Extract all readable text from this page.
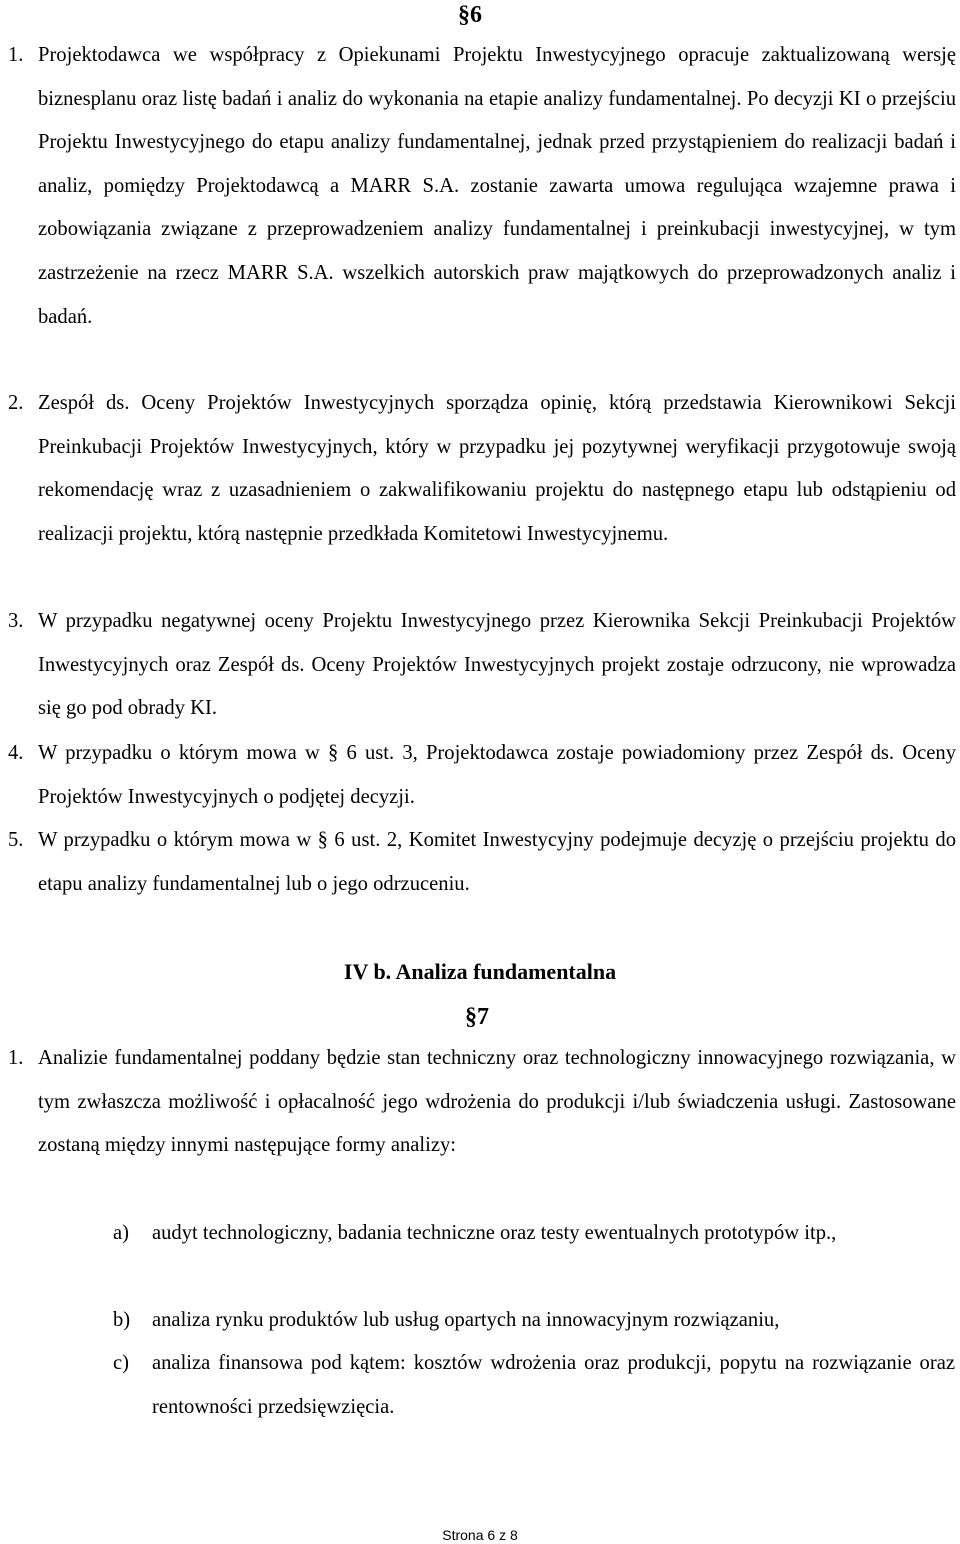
§6
1. Projektodawca we współpracy z Opiekunami Projektu Inwestycyjnego opracuje zaktualizowaną wersję biznesplanu oraz listę badań i analiz do wykonania na etapie analizy fundamentalnej. Po decyzji KI o przejściu Projektu Inwestycyjnego do etapu analizy fundamentalnej, jednak przed przystąpieniem do realizacji badań i analiz, pomiędzy Projektodawcą a MARR S.A. zostanie zawarta umowa regulująca wzajemne prawa i zobowiązania związane z przeprowadzeniem analizy fundamentalnej i preinkubacji inwestycyjnej, w tym zastrzeżenie na rzecz MARR S.A. wszelkich autorskich praw majątkowych do przeprowadzonych analiz i badań.
2. Zespół ds. Oceny Projektów Inwestycyjnych sporządza opinię, którą przedstawia Kierownikowi Sekcji Preinkubacji Projektów Inwestycyjnych, który w przypadku jej pozytywnej weryfikacji przygotowuje swoją rekomendację wraz z uzasadnieniem o zakwalifikowaniu projektu do następnego etapu lub odstąpieniu od realizacji projektu, którą następnie przedkłada Komitetowi Inwestycyjnemu.
3. W przypadku negatywnej oceny Projektu Inwestycyjnego przez Kierownika Sekcji Preinkubacji Projektów Inwestycyjnych oraz Zespół ds. Oceny Projektów Inwestycyjnych projekt zostaje odrzucony, nie wprowadza się go pod obrady KI.
4. W przypadku o którym mowa w § 6 ust. 3, Projektodawca zostaje powiadomiony przez Zespół ds. Oceny Projektów Inwestycyjnych o podjętej decyzji.
5. W przypadku o którym mowa w § 6 ust. 2, Komitet Inwestycyjny podejmuje decyzję o przejściu projektu do etapu analizy fundamentalnej lub o jego odrzuceniu.
IV b. Analiza fundamentalna
§7
1. Analizie fundamentalnej poddany będzie stan techniczny oraz technologiczny innowacyjnego rozwiązania, w tym zwłaszcza możliwość i opłacalność jego wdrożenia do produkcji i/lub świadczenia usługi. Zastosowane zostaną między innymi następujące formy analizy:
a) audyt technologiczny, badania techniczne oraz testy ewentualnych prototypów itp.,
b) analiza rynku produktów lub usług opartych na innowacyjnym rozwiązaniu,
c) analiza finansowa pod kątem: kosztów wdrożenia oraz produkcji, popytu na rozwiązanie oraz rentowności przedsięwzięcia.
Strona 6 z 8
